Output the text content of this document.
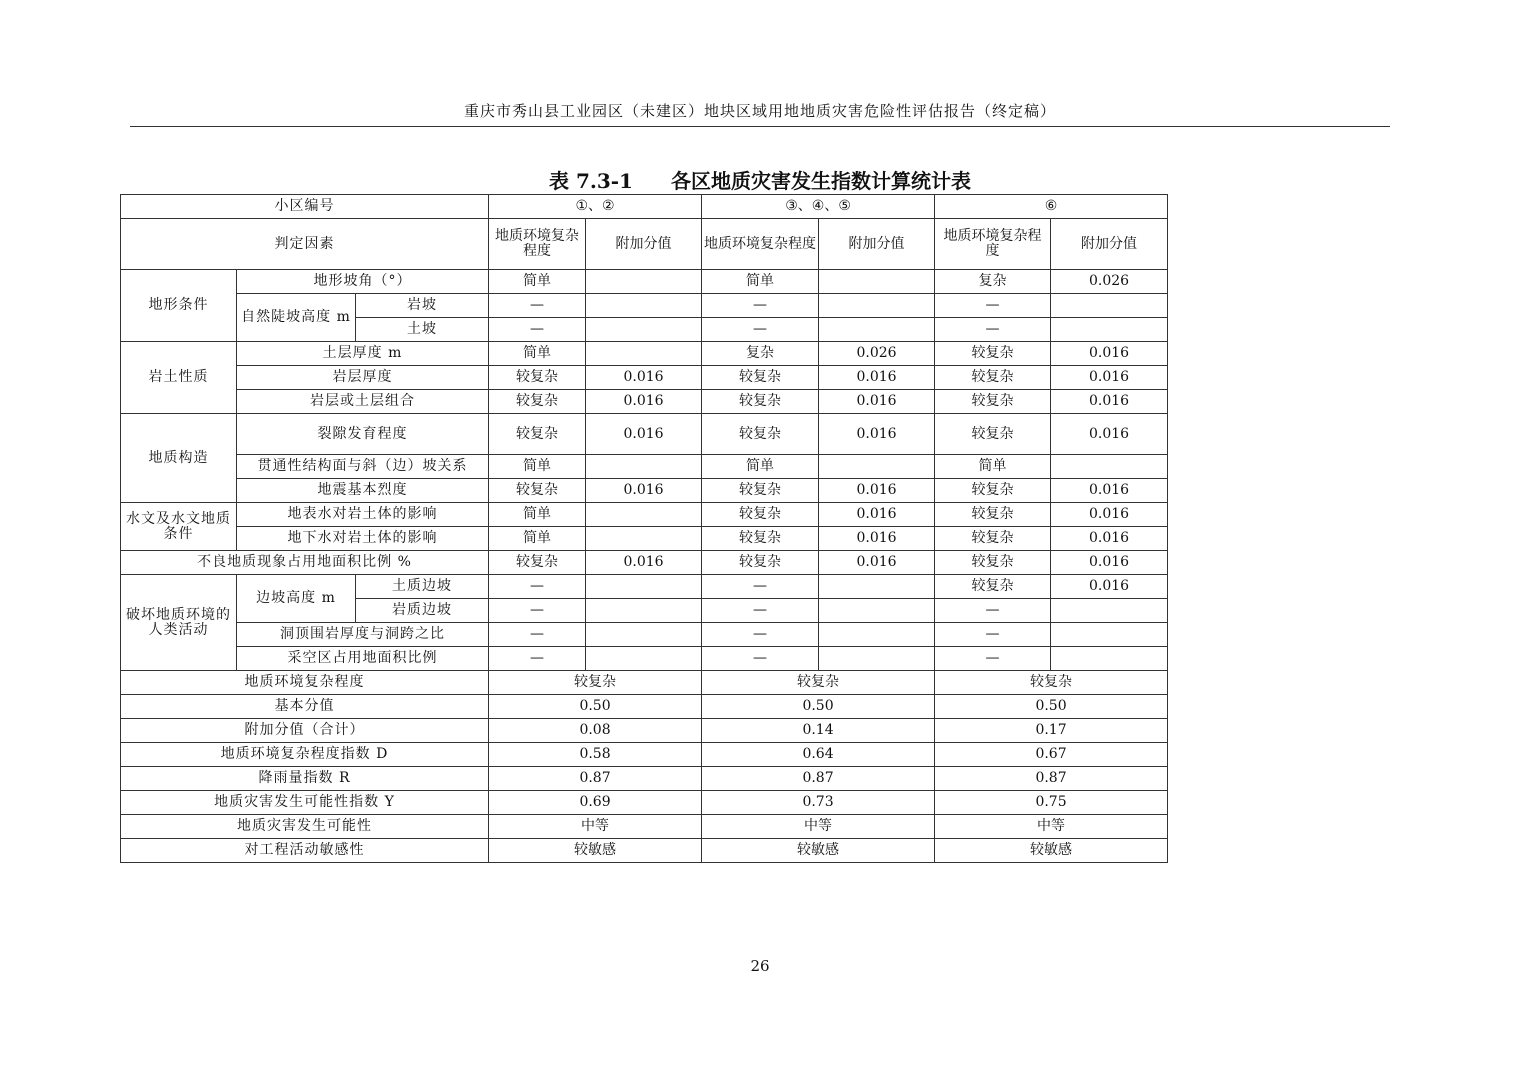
重庆市秀山县工业园区（未建区）地块区域用地地质灾害危险性评估报告（终定稿）
表 7.3-1 各区地质灾害发生指数计算统计表
小区编号			①、②		③、④、⑤		⑥	
判定因素			地质环境复杂程度	附加分值	地质环境复杂程度	附加分值	地质环境复杂程度	附加分值
地形条件	地形坡角（°）		简单		简单		复杂	0.026
	自然陡坡高度 m	岩坡	—		—		—	
		土坡	—		—		—	
岩土性质	土层厚度 m		简单		复杂	0.026	较复杂	0.016
	岩层厚度		较复杂	0.016	较复杂	0.016	较复杂	0.016
	岩层或土层组合		较复杂	0.016	较复杂	0.016	较复杂	0.016
地质构造	裂隙发育程度		较复杂	0.016	较复杂	0.016	较复杂	0.016
	贯通性结构面与斜（边）坡关系		简单		简单		简单	
	地震基本烈度		较复杂	0.016	较复杂	0.016	较复杂	0.016
水文及水文地质条件	地表水对岩土体的影响		简单		较复杂	0.016	较复杂	0.016
	地下水对岩土体的影响		简单		较复杂	0.016	较复杂	0.016
不良地质现象占用地面积比例 %			较复杂	0.016	较复杂	0.016	较复杂	0.016
破坏地质环境的人类活动	边坡高度 m	土质边坡	—		—		较复杂	0.016
		岩质边坡	—		—		—	
	洞顶围岩厚度与洞跨之比		—		—		—	
	采空区占用地面积比例		—		—		—	
地质环境复杂程度			较复杂		较复杂		较复杂	
基本分值			0.50		0.50		0.50	
附加分值（合计）			0.08		0.14		0.17	
地质环境复杂程度指数 D			0.58		0.64		0.67	
降雨量指数 R			0.87		0.87		0.87	
地质灾害发生可能性指数 Y			0.69		0.73		0.75	
地质灾害发生可能性			中等		中等		中等	
对工程活动敏感性			较敏感		较敏感		较敏感	
26
